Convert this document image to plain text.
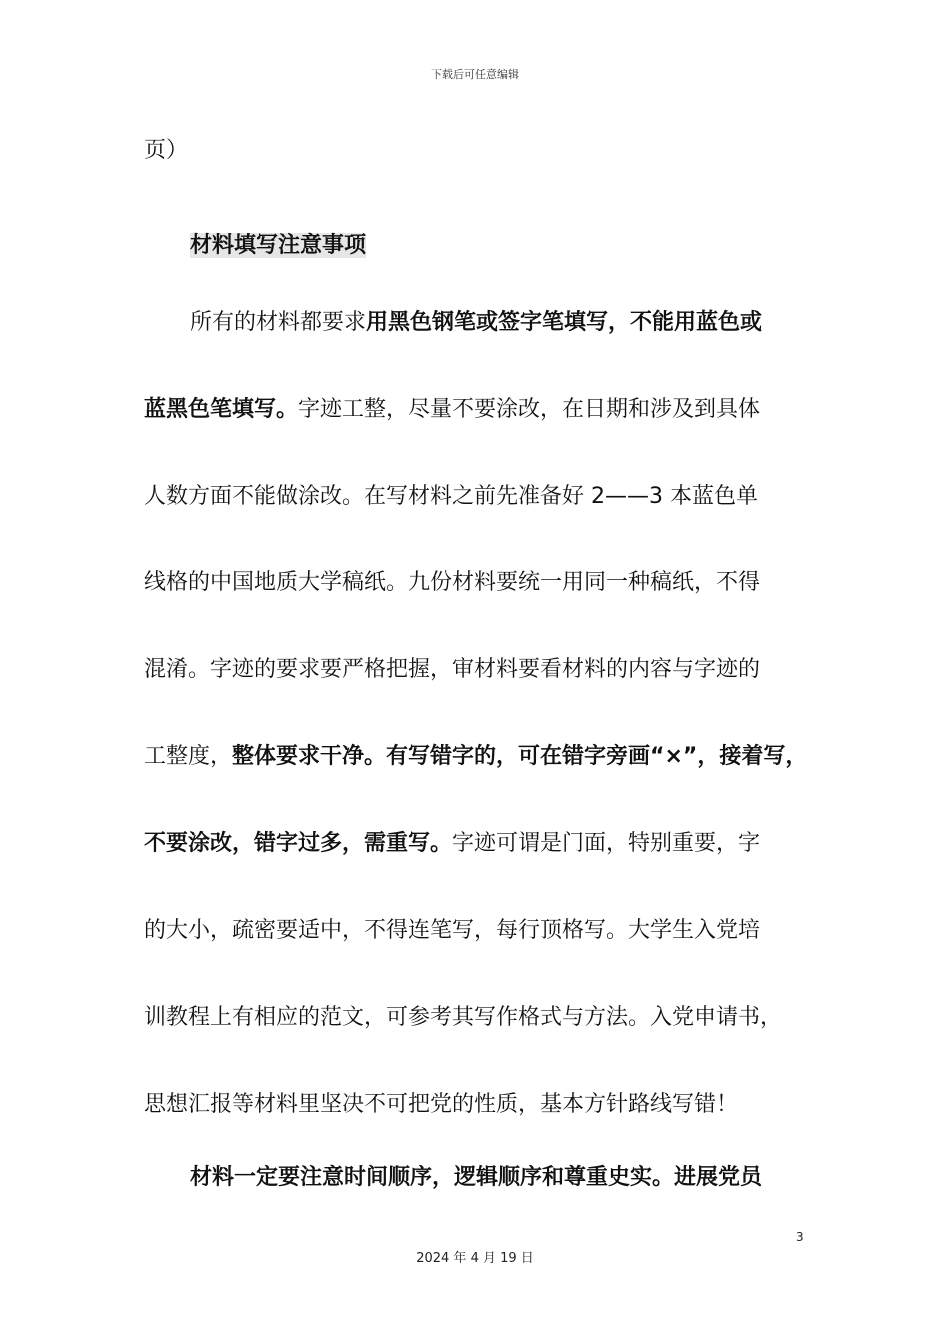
下载后可任意编辑
页）
材料填写注意事项
所有的材料都要求用黑色钢笔或签字笔填写，不能用蓝色或
蓝黑色笔填写。字迹工整，尽量不要涂改，在日期和涉及到具体
人数方面不能做涂改。在写材料之前先准备好 2——3 本蓝色单
线格的中国地质大学稿纸。九份材料要统一用同一种稿纸，不得
混淆。字迹的要求要严格把握，审材料要看材料的内容与字迹的
工整度，整体要求干净。有写错字的，可在错字旁画“×”，接着写，
不要涂改，错字过多，需重写。字迹可谓是门面，特别重要，字
的大小，疏密要适中，不得连笔写，每行顶格写。大学生入党培
训教程上有相应的范文，可参考其写作格式与方法。入党申请书，
思想汇报等材料里坚决不可把党的性质，基本方针路线写错！
材料一定要注意时间顺序，逻辑顺序和尊重史实。进展党员
3
2024 年 4 月 19 日
